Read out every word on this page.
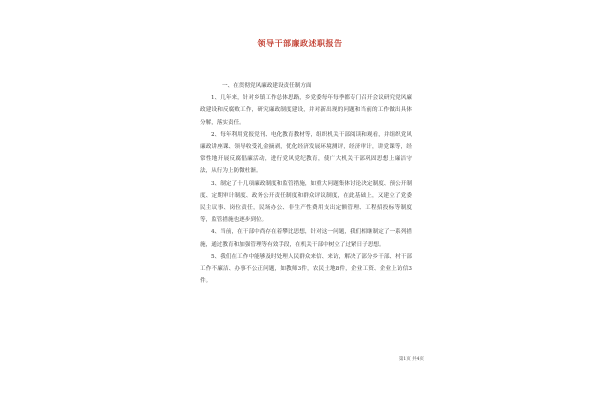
领导干部廉政述职报告

一、在贯彻党风廉政建设责任制方面

1、几年来，针对乡镇工作总体思路，乡党委每年每季都专门召开会议研究党风廉政建设和反腐败工作，研究廉政制度建设，并对新出现的问题和当前的工作做出具体分解，落实责任。

2、每年利用党报党刊、电化教育教材等，组织机关干部阅读和观看，并组织党风廉政讲座课、领导收受礼金摘剥，优化经济发展环境测评，经济审计，讲党课等，经常性地开展反腐倡廉活动，进行党风党纪教育，使广大机关干部巩固思想上廉洁守法，从行为上防微杜渐。

3、制定了十几项廉政制度和监管措施，如重大问题集体讨论决定制度、预公开制度、定期审计制度、政务公开责任制度和群众评议制度，在此基础上，又建立了党委民主议事、岗位责任，民场办公、非生产性费用支出定额管理、工程招投标等制度等，监管措施也逐步到位。

4、当前，在干部中尚存在着攀比思想，针对这一问题，我们相继制定了一系列措施，通过教育和加强管理等有效手段，在机关干部中树立了过紧日子思想。

5、我们在工作中能够及时处理人民群众来信、来访，解决了部分乡干部、村干部工作不廉洁、办事不公正问题，如教师3件，农民土地8件，企业工资、企业上访信3件。

第1页 共4页
